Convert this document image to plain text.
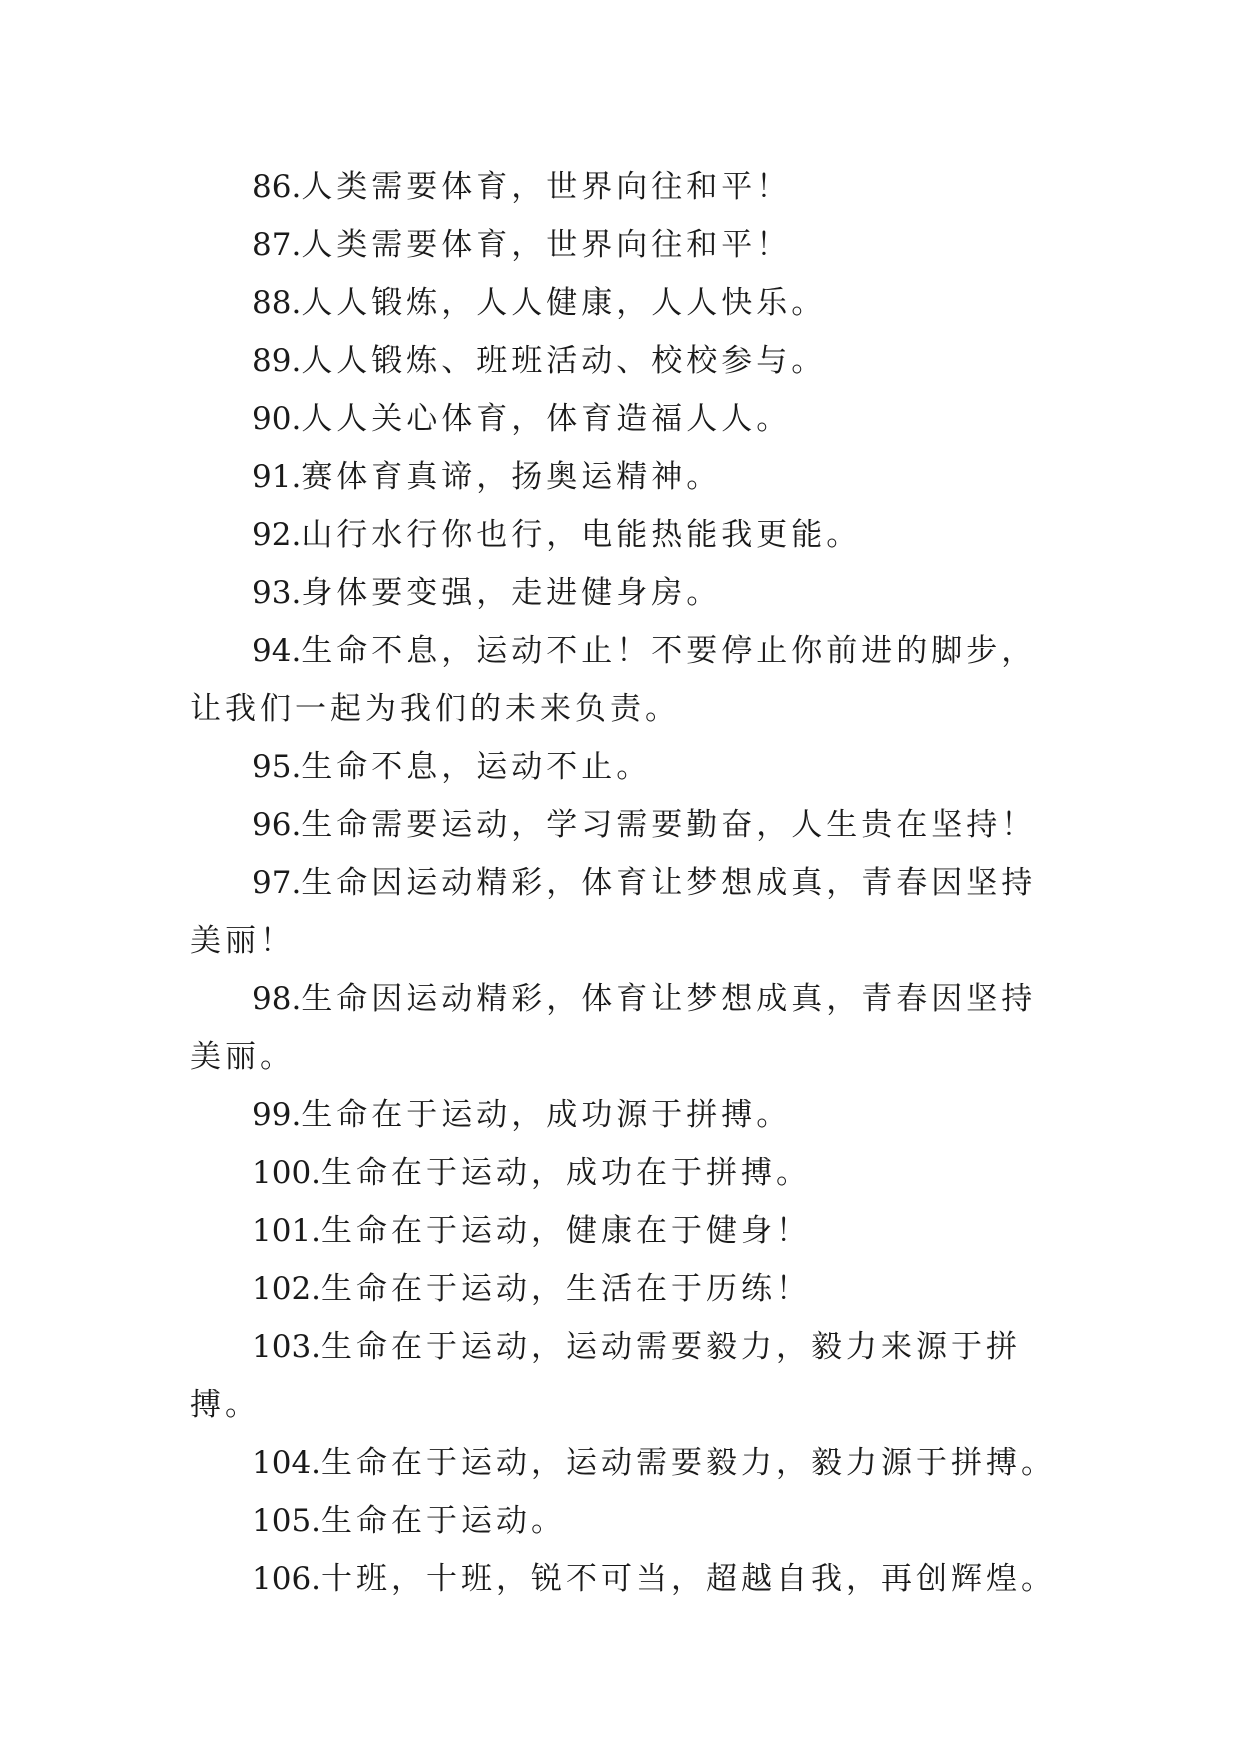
86.人类需要体育，世界向往和平！

87.人类需要体育，世界向往和平！

88.人人锻炼，人人健康，人人快乐。

89.人人锻炼、班班活动、校校参与。

90.人人关心体育，体育造福人人。

91.赛体育真谛，扬奥运精神。

92.山行水行你也行，电能热能我更能。

93.身体要变强，走进健身房。

94.生命不息，运动不止！不要停止你前进的脚步，让我们一起为我们的未来负责。

95.生命不息，运动不止。

96.生命需要运动，学习需要勤奋，人生贵在坚持！

97.生命因运动精彩，体育让梦想成真，青春因坚持美丽！

98.生命因运动精彩，体育让梦想成真，青春因坚持美丽。

99.生命在于运动，成功源于拼搏。

100.生命在于运动，成功在于拼搏。

101.生命在于运动，健康在于健身！

102.生命在于运动，生活在于历练！

103.生命在于运动，运动需要毅力，毅力来源于拼搏。

104.生命在于运动，运动需要毅力，毅力源于拼搏。

105.生命在于运动。

106.十班，十班，锐不可当，超越自我，再创辉煌。
